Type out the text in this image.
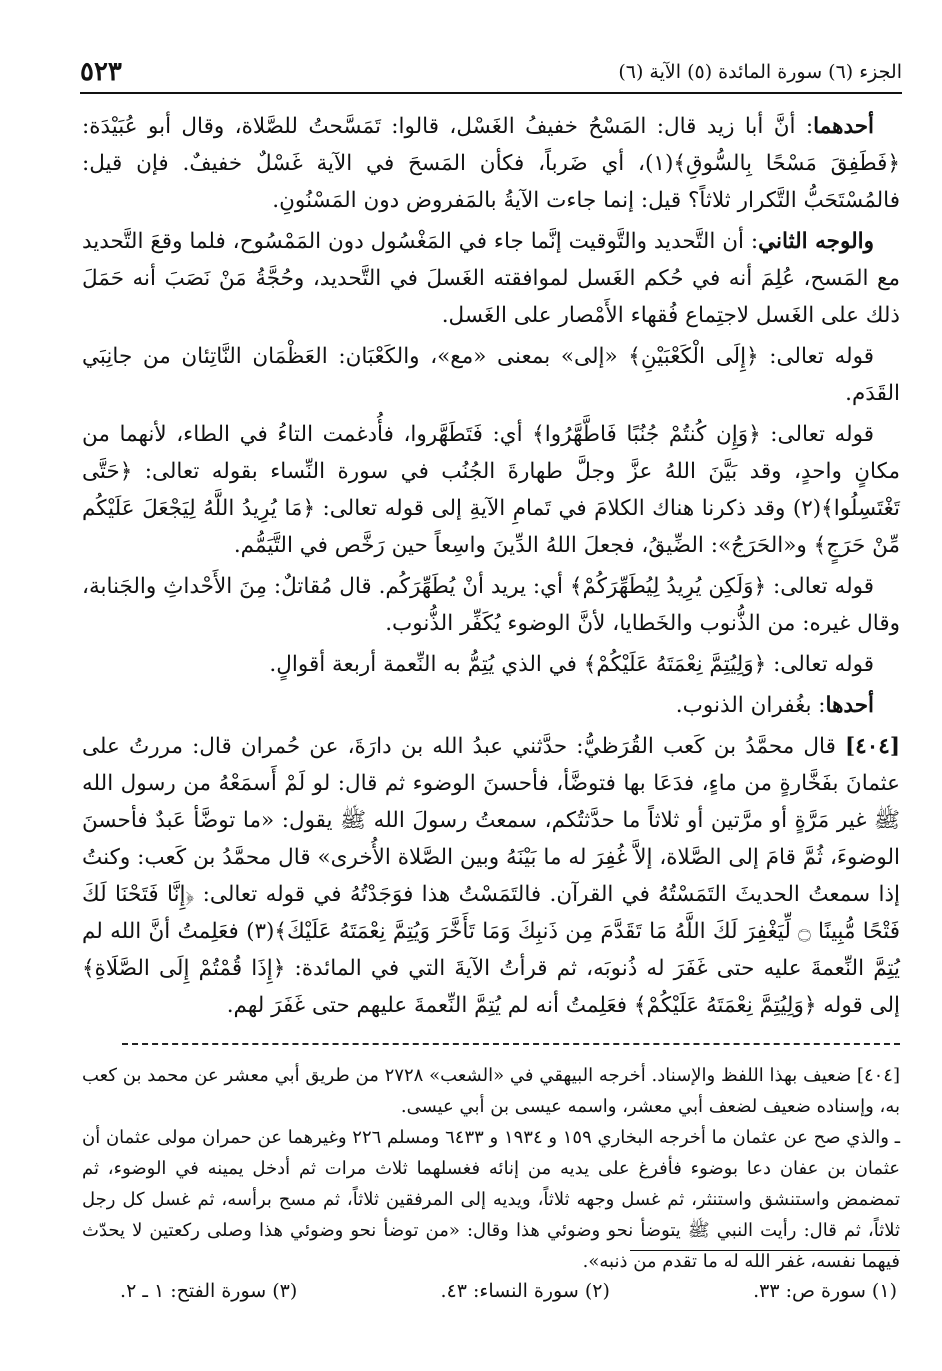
الجزء (٦) سورة المائدة (٥) الآية (٦)
٥٢٣

أحدهما: أنَّ أبا زيد قال: المَسْحُ خفيفُ الغَسْل، قالوا: تَمَسَّحتُ للصَّلاة، وقال أبو عُبَيْدَة: ﴿فَطَفِقَ مَسْحًا بِالسُّوقِ﴾(١)، أي ضَرباً، فكأن المَسحَ في الآية غَسْلٌ خفيفٌ. فإن قيل: فالمُسْتَحَبُّ التَّكرار ثلاثاً؟ قيل: إنما جاءت الآيةُ بالمَفروض دون المَسْنُونِ.

والوجه الثاني: أن التَّحديد والتَّوقيت إنَّما جاء في المَغْسُول دون المَمْسُوح، فلما وقعَ التَّحديد مع المَسح، عُلِمَ أنه في حُكم الغَسل لموافقته الغَسلَ في التَّحديد، وحُجَّةُ مَنْ نَصَبَ أنه حَمَلَ ذلك على الغَسل لاجتِماع فُقهاء الأَمْصار على الغَسل.

قوله تعالى: ﴿إِلَى الْكَعْبَيْنِ﴾ «إلى» بمعنى «مع»، والكَعْبَان: العَظْمَان النَّاتِئان من جانِبَي القَدَم.

قوله تعالى: ﴿وَإِن كُنتُمْ جُنُبًا فَاطَّهَّرُوا﴾ أي: فَتَطَهَّروا، فأُدغمت التاءُ في الطاء، لأنهما من مكانٍ واحدٍ، وقد بَيَّنَ اللهُ عزَّ وجلَّ طهارةَ الجُنُب في سورة النِّساء بقوله تعالى: ﴿حَتَّى تَغْتَسِلُوا﴾(٢) وقد ذكرنا هناك الكلامَ في تَمامِ الآيةِ إلى قوله تعالى: ﴿مَا يُرِيدُ اللَّهُ لِيَجْعَلَ عَلَيْكُم مِّنْ حَرَجٍ﴾ و«الحَرَجُ»: الضِّيقُ، فجعلَ اللهُ الدِّينَ واسِعاً حين رَخَّص في التَّيَمُّم.

قوله تعالى: ﴿وَلَكِن يُرِيدُ لِيُطَهِّرَكُمْ﴾ أي: يريد أنْ يُطَهِّرَكُم. قال مُقاتلٌ: مِنَ الأَحْداثِ والجَنابة، وقال غيره: من الذُّنوب والخَطايا، لأنَّ الوضوء يُكَفِّر الذُّنوب.

قوله تعالى: ﴿وَلِيُتِمَّ نِعْمَتَهُ عَلَيْكُمْ﴾ في الذي يُتِمُّ به النِّعمة أربعة أقوالٍ.

أحدها: بغُفران الذنوب.

[٤٠٤] قال محمَّدُ بن كَعب القُرَظيُّ: حدَّثني عبدُ الله بن دارَةَ، عن حُمران قال: مررتُ على عثمانَ بفَخَّارةٍ من ماءٍ، فدَعَا بها فتوضَّأ، فأحسنَ الوضوء ثم قال: لو لَمْ أَسمَعْهُ من رسول الله ﷺ غير مَرَّةٍ أو مرَّتين أو ثلاثاً ما حدَّثتُكم، سمعتُ رسولَ الله ﷺ يقول: «ما توضَّأ عَبدٌ فأحسنَ الوضوءَ، ثُمَّ قامَ إلى الصَّلاة، إلاَّ غُفِرَ له ما بَيْنَهُ وبين الصَّلاة الأُخرى» قال محمَّدُ بن كَعب: وكنتُ إذا سمعتُ الحديثَ التَمَسْتُهُ في القرآن. فالتَمَسْتُ هذا فوَجَدْتُهُ في قوله تعالى: ﴿إِنَّا فَتَحْنَا لَكَ فَتْحًا مُّبِينًا ۝ لِّيَغْفِرَ لَكَ اللَّهُ مَا تَقَدَّمَ مِن ذَنبِكَ وَمَا تَأَخَّرَ وَيُتِمَّ نِعْمَتَهُ عَلَيْكَ﴾(٣) فعَلِمتُ أنَّ الله لم يُتِمَّ النِّعمةَ عليه حتى غَفَرَ له ذُنوبَه، ثم قرأتُ الآيةَ التي في المائدة: ﴿إِذَا قُمْتُمْ إِلَى الصَّلَاةِ﴾ إلى قوله ﴿وَلِيُتِمَّ نِعْمَتَهُ عَلَيْكُمْ﴾ فعَلِمتُ أنه لم يُتِمَّ النِّعمةَ عليهم حتى غَفَرَ لهم.

[٤٠٤] ضعيف بهذا اللفظ والإسناد. أخرجه البيهقي في «الشعب» ٢٧٢٨ من طريق أبي معشر عن محمد بن كعب به، وإسناده ضعيف لضعف أبي معشر، واسمه عيسى بن أبي عيسى.

ـ والذي صح عن عثمان ما أخرجه البخاري ١٥٩ و ١٩٣٤ و ٦٤٣٣ ومسلم ٢٢٦ وغيرهما عن حمران مولى عثمان أن عثمان بن عفان دعا بوضوء فأفرغ على يديه من إنائه فغسلهما ثلاث مرات ثم أدخل يمينه في الوضوء، ثم تمضمض واستنشق واستنثر، ثم غسل وجهه ثلاثاً، ويديه إلى المرفقين ثلاثاً، ثم مسح برأسه، ثم غسل كل رجل ثلاثاً، ثم قال: رأيت النبي ﷺ يتوضأ نحو وضوئي هذا وقال: «من توضأ نحو وضوئي هذا وصلى ركعتين لا يحدّث فيهما نفسه، غفر الله له ما تقدم من ذنبه».

(١) سورة ص: ٣٣.
(٢) سورة النساء: ٤٣.
(٣) سورة الفتح: ١ ـ ٢.
